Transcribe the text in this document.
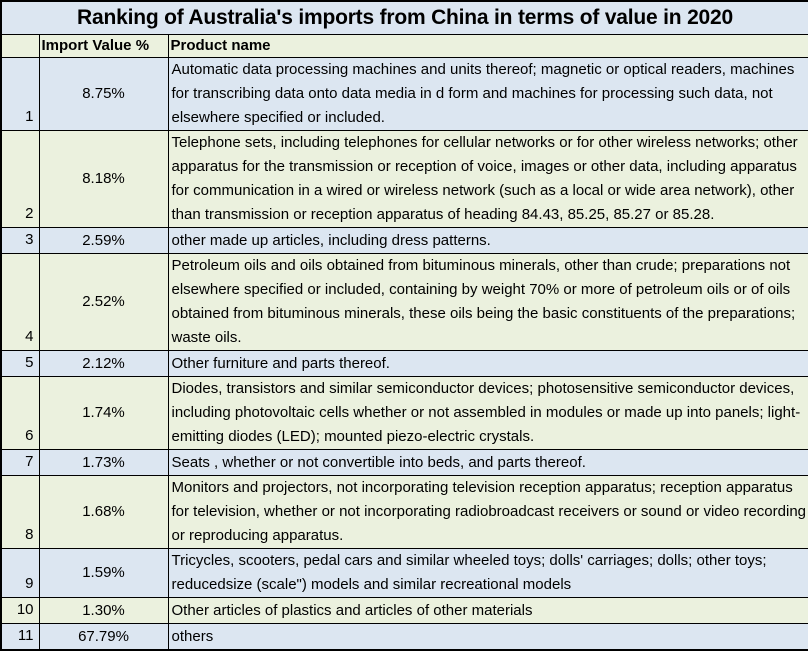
Ranking of Australia's imports from China in terms of value in 2020		
	Import Value %	Product name
1	8.75%	Automatic data processing machines and units thereof; magnetic or optical readers, machines for transcribing data onto data media in d form and machines for processing such data, not elsewhere specified or included.
2	8.18%	Telephone sets, including telephones for cellular networks or for other wireless networks; other apparatus for the transmission or reception of voice, images or other data, including apparatus for communication in a wired or wireless network (such as a local or wide area network), other than transmission or reception apparatus of heading 84.43, 85.25, 85.27 or 85.28.
3	2.59%	other made up articles, including dress patterns.
4	2.52%	Petroleum oils and oils obtained from bituminous minerals, other than crude; preparations not elsewhere specified or included, containing by weight 70% or more of petroleum oils or of oils obtained from bituminous minerals, these oils being the basic constituents of the preparations; waste oils.
5	2.12%	Other furniture and parts thereof.
6	1.74%	Diodes, transistors and similar semiconductor devices; photosensitive semiconductor devices, including photovoltaic cells whether or not assembled in modules or made up into panels; light-emitting diodes (LED); mounted piezo-electric crystals.
7	1.73%	Seats , whether or not convertible into beds, and parts thereof.
8	1.68%	Monitors and projectors, not incorporating television reception apparatus; reception apparatus for television, whether or not incorporating radiobroadcast receivers or sound or video recording or reproducing apparatus.
9	1.59%	Tricycles, scooters, pedal cars and similar wheeled toys; dolls' carriages; dolls; other toys; reducedsize (scale") models and similar recreational models
10	1.30%	Other articles of plastics and articles of other materials
11	67.79%	others
